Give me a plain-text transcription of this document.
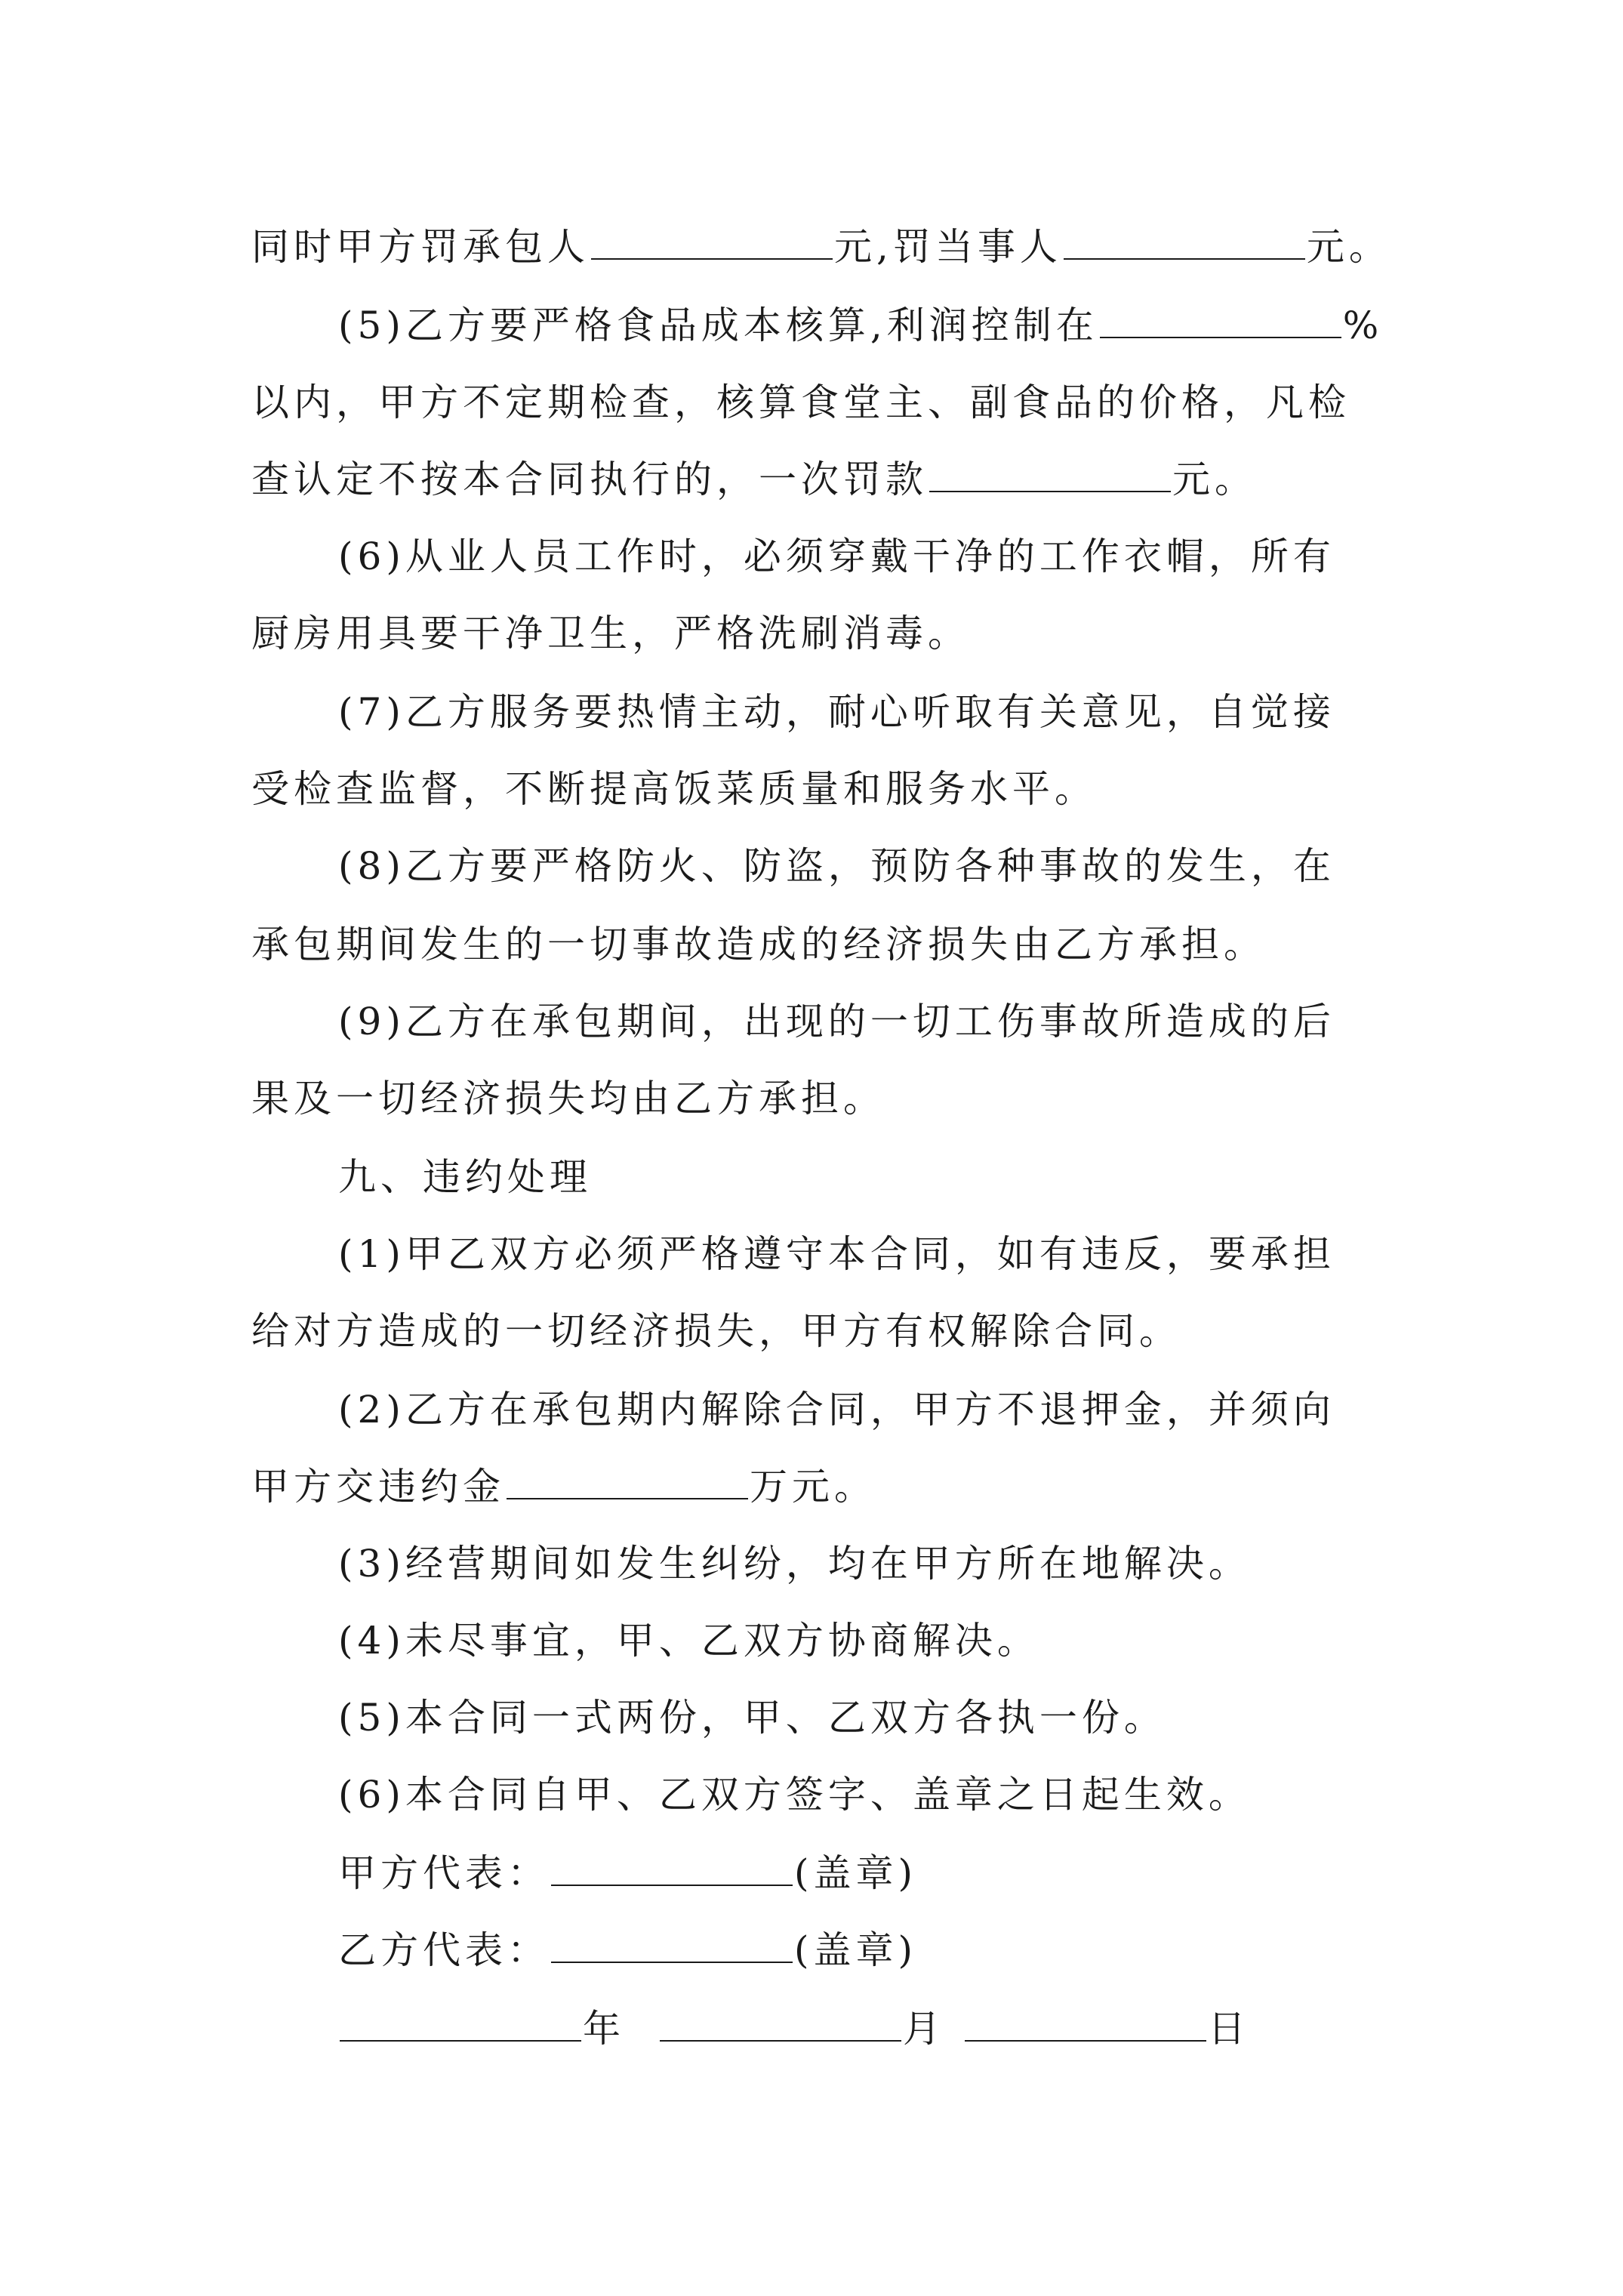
同时甲方罚承包人	元,罚当事人	元。
(5)乙方要严格食品成本核算,利润控制在	%
以内，甲方不定期检查，核算食堂主、副食品的价格，凡检
查认定不按本合同执行的，一次罚款	元。
(6)从业人员工作时，必须穿戴干净的工作衣帽，所有
厨房用具要干净卫生，严格洗刷消毒。
(7)乙方服务要热情主动，耐心听取有关意见，自觉接
受检查监督，不断提高饭菜质量和服务水平。
(8)乙方要严格防火、防盗，预防各种事故的发生，在
承包期间发生的一切事故造成的经济损失由乙方承担。
(9)乙方在承包期间，出现的一切工伤事故所造成的后
果及一切经济损失均由乙方承担。
九、违约处理
(1)甲乙双方必须严格遵守本合同，如有违反，要承担
给对方造成的一切经济损失，甲方有权解除合同。
(2)乙方在承包期内解除合同，甲方不退押金，并须向
甲方交违约金	万元。
(3)经营期间如发生纠纷，均在甲方所在地解决。
(4)未尽事宜，甲、乙双方协商解决。
(5)本合同一式两份，甲、乙双方各执一份。
(6)本合同自甲、乙双方签字、盖章之日起生效。
甲方代表：	(盖章)
乙方代表：	(盖章)
年	月	日
